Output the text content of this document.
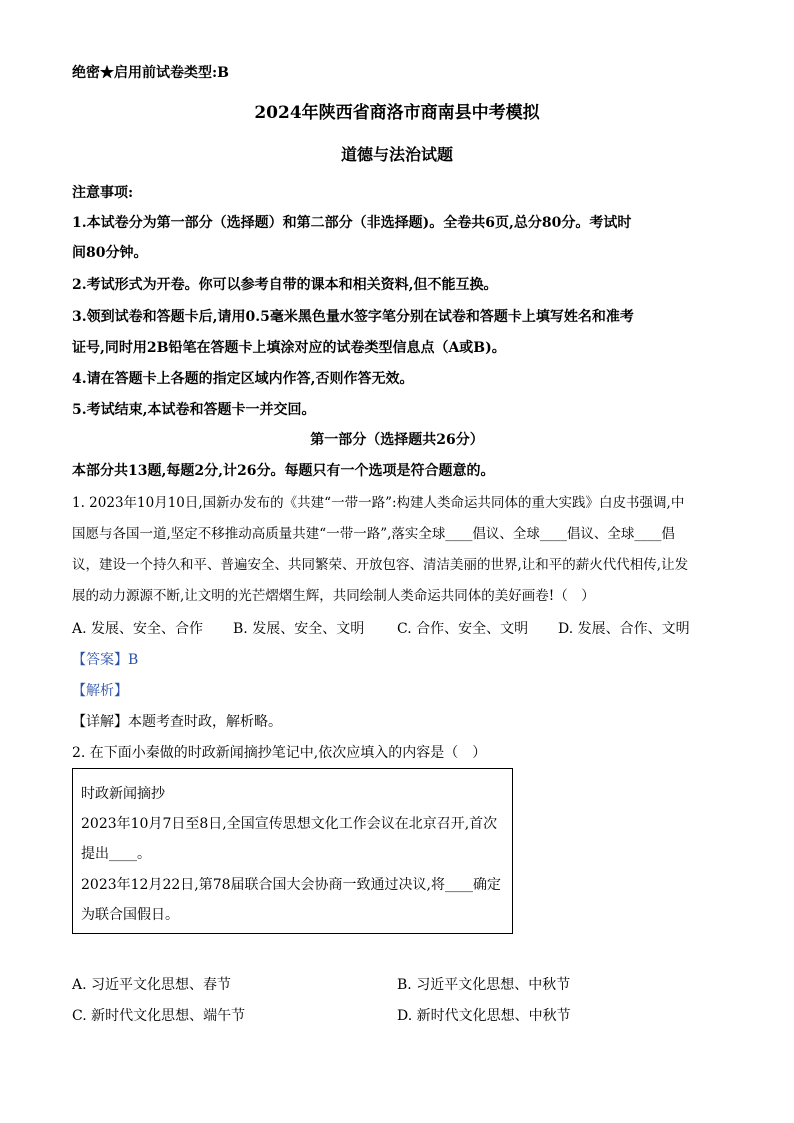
绝密★启用前试卷类型:B
2024年陕西省商洛市商南县中考模拟
道德与法治试题
注意事项:
1.本试卷分为第一部分（选择题）和第二部分（非选择题)。全卷共6页,总分80分。考试时
间80分钟。
2.考试形式为开卷。你可以参考自带的课本和相关资料,但不能互换。
3.领到试卷和答题卡后,请用0.5毫米黑色量水签字笔分别在试卷和答题卡上填写姓名和准考
证号,同时用2B铅笔在答题卡上填涂对应的试卷类型信息点（A或B)。
4.请在答题卡上各题的指定区域内作答,否则作答无效。
5.考试结束,本试卷和答题卡一并交回。
第一部分（选择题共26分）
本部分共13题,每题2分,计26分。每题只有一个选项是符合题意的。
1. 2023年10月10日,国新办发布的《共建“一带一路”:构建人类命运共同体的重大实践》白皮书强调,中
国愿与各国一道,坚定不移推动高质量共建“一带一路”,落实全球____倡议、全球____倡议、全球____倡
议，建设一个持久和平、普遍安全、共同繁荣、开放包容、清洁美丽的世界,让和平的薪火代代相传,让发
展的动力源源不断,让文明的光芒熠熠生辉，共同绘制人类命运共同体的美好画卷!（　）
A. 发展、安全、合作 B. 发展、安全、文明 C. 合作、安全、文明 D. 发展、合作、文明
【答案】B
【解析】
【详解】本题考查时政，解析略。
2. 在下面小秦做的时政新闻摘抄笔记中,依次应填入的内容是（　）
时政新闻摘抄
2023年10月7日至8日,全国宣传思想文化工作会议在北京召开,首次
提出____。
2023年12月22日,第78届联合国大会协商一致通过决议,将____确定
为联合国假日。
A. 习近平文化思想、春节	B. 习近平文化思想、中秋节
C. 新时代文化思想、端午节	D. 新时代文化思想、中秋节
